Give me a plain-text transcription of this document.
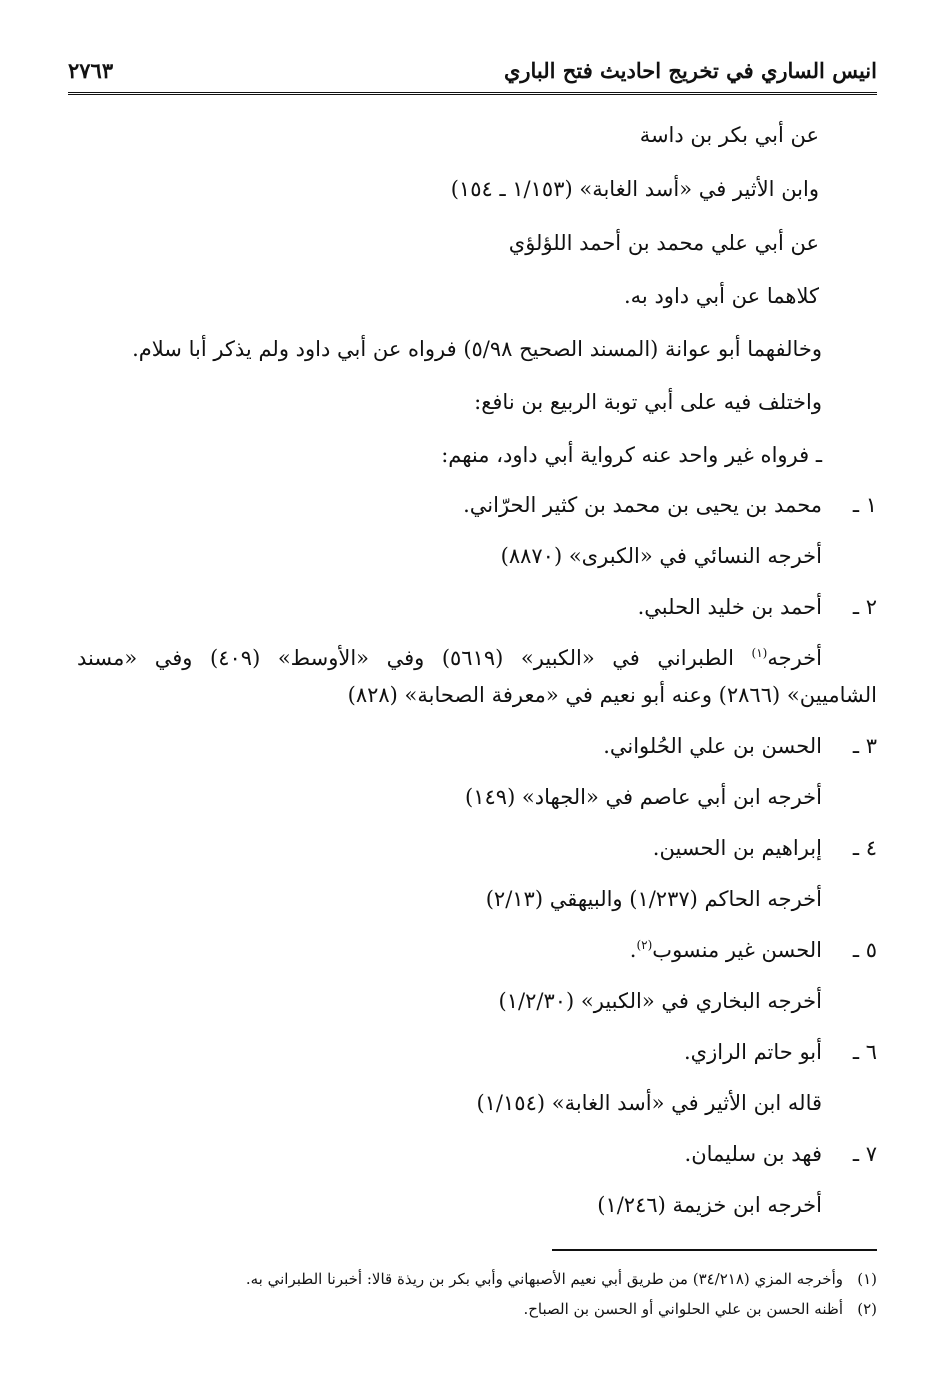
انيس الساري في تخريج احاديث فتح الباري
٢٧٦٣
عن أبي بكر بن داسة
وابن الأثير في «أسد الغابة» (١/١٥٣ ـ ١٥٤)
عن أبي علي محمد بن أحمد اللؤلؤي
كلاهما عن أبي داود به.
وخالفهما أبو عوانة (المسند الصحيح ٥/٩٨) فرواه عن أبي داود ولم يذكر أبا سلام.
واختلف فيه على أبي توبة الربيع بن نافع:
ـ فرواه غير واحد عنه كرواية أبي داود، منهم:
١ ـ
محمد بن يحيى بن محمد بن كثير الحرّاني.
أخرجه النسائي في «الكبرى» (٨٨٧٠)
٢ ـ
أحمد بن خليد الحلبي.
أخرجه$^{(١)}$ الطبراني في «الكبير» (٥٦١٩) وفي «الأوسط» (٤٠٩) وفي «مسند
الشاميين» (٢٨٦٦) وعنه أبو نعيم في «معرفة الصحابة» (٨٢٨)
٣ ـ
الحسن بن علي الحُلواني.
أخرجه ابن أبي عاصم في «الجهاد» (١٤٩)
٤ ـ
إبراهيم بن الحسين.
أخرجه الحاكم (١/٢٣٧) والبيهقي (٢/١٣)
٥ ـ
الحسن غير منسوب$^{(٢)}$.
أخرجه البخاري في «الكبير» (١/٢/٣٠)
٦ ـ
أبو حاتم الرازي.
قاله ابن الأثير في «أسد الغابة» (١/١٥٤)
٧ ـ
فهد بن سليمان.
أخرجه ابن خزيمة (١/٢٤٦)
(١)وأخرجه المزي (٣٤/٢١٨) من طريق أبي نعيم الأصبهاني وأبي بكر بن ريذة قالا: أخبرنا الطبراني به.
(٢)أظنه الحسن بن علي الحلواني أو الحسن بن الصباح.
